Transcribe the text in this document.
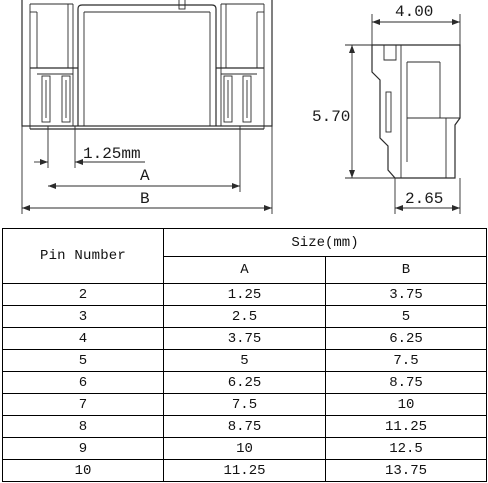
1.25mm
A
B
4.00
5.70
2.65
Pin Number	Size(mm)	
	A	B
2	1.25	3.75
3	2.5	5
4	3.75	6.25
5	5	7.5
6	6.25	8.75
7	7.5	10
8	8.75	11.25
9	10	12.5
10	11.25	13.75
